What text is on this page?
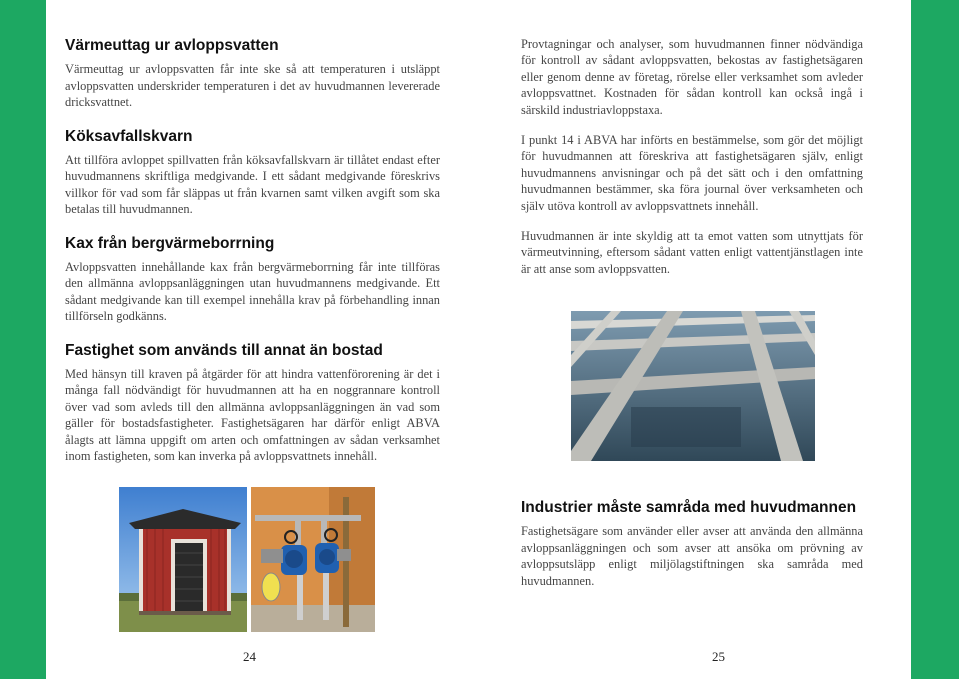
Värmeuttag ur avloppsvatten

Värmeuttag ur avloppsvatten får inte ske så att temperaturen i utsläppt avloppsvatten underskrider temperaturen i det av huvudmannen levererade dricksvattnet.

Köksavfallskvarn

Att tillföra avloppet spillvatten från köksavfallskvarn är tillåtet endast efter huvudmannens skriftliga medgivande. I ett sådant medgivande föreskrivs villkor för vad som får släppas ut från kvarnen samt vilken avgift som ska betalas till huvudmannen.

Kax från bergvärmeborrning

Avloppsvatten innehållande kax från bergvärmeborrning får inte tillföras den allmänna avloppsanläggningen utan huvudmannens medgivande. Ett sådant medgivande kan till exempel innehålla krav på förbehandling innan tillförseln godkänns.

Fastighet som används till annat än bostad

Med hänsyn till kraven på åtgärder för att hindra vattenförorening är det i många fall nödvändigt för huvudmannen att ha en noggrannare kontroll över vad som avleds till den allmänna avloppsanläggningen än vad som gäller för bostadsfastigheter. Fastighetsägaren har därför enligt ABVA ålagts att lämna uppgift om arten och omfattningen av sådan verksamhet inom fastigheten, som kan inverka på avloppsvattnets innehåll.

24

Provtagningar och analyser, som huvudmannen finner nödvändiga för kontroll av sådant avloppsvatten, bekostas av fastighetsägaren eller genom denne av företag, rörelse eller verksamhet som avleder avloppsvattnet. Kostnaden för sådan kontroll kan också ingå i särskild industriavloppstaxa.

I punkt 14 i ABVA har införts en bestämmelse, som gör det möjligt för huvudmannen att föreskriva att fastighetsägaren själv, enligt huvudmannens anvisningar och på det sätt och i den omfattning huvudmannen bestämmer, ska föra journal över verksamheten och själv utöva kontroll av avloppsvattnets innehåll.

Huvudmannen är inte skyldig att ta emot vatten som utnyttjats för värmeutvinning, eftersom sådant vatten enligt vattentjänstlagen inte är att anse som avloppsvatten.

Industrier måste samråda med huvudmannen

Fastighetsägare som använder eller avser att använda den allmänna avloppsanläggningen och som avser att ansöka om prövning av avloppsutsläpp enligt miljölagstiftningen ska samråda med huvudmannen.

25
